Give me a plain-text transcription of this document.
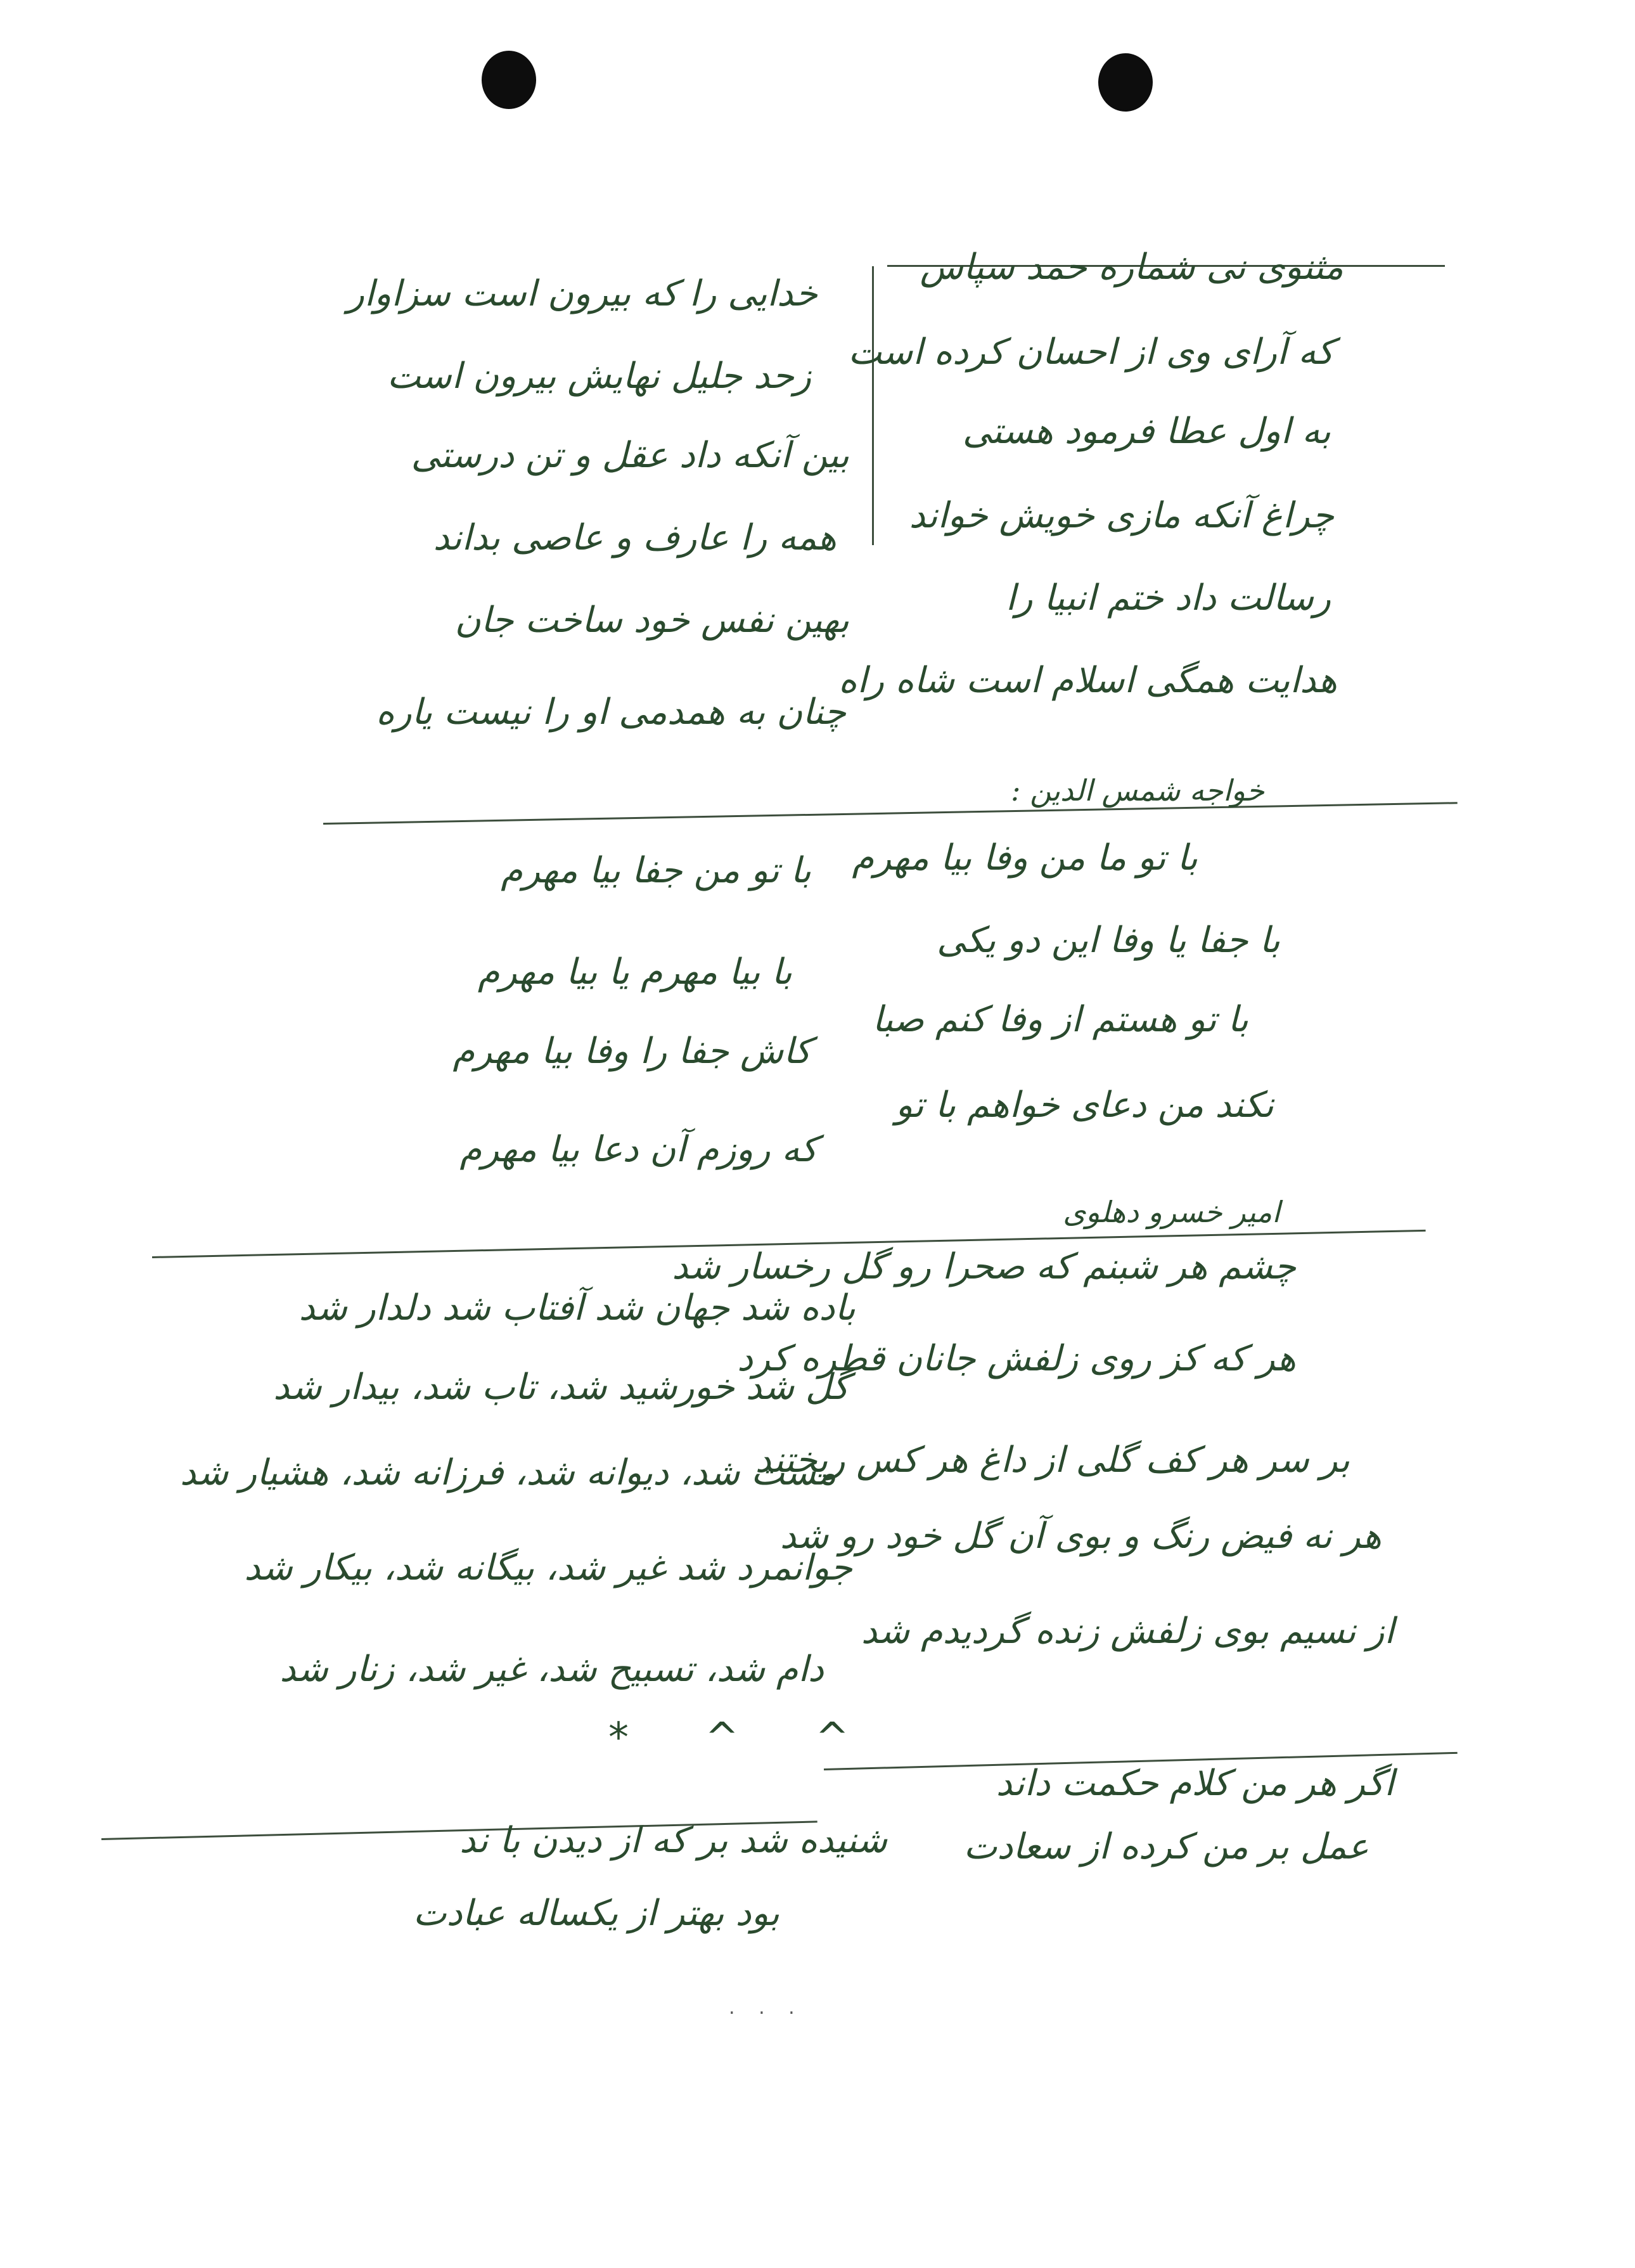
مثنوی نی شماره حمد سپاس

که آرای وی از احسان کرده است

به اول عطا فرمود هستی

چراغ آنکه مازی خویش خواند

رسالت داد ختم انبیا را

هدایت همگی اسلام است شاه راه

خدایی را که بیرون است سزاوار

زحد جلیل نهایش بیرون است

بین آنکه داد عقل و تن درستی

همه را عارف و عاصی بداند

بهین نفس خود ساخت جان

چنان به همدمی او را نیست یاره

خواجه شمس الدین :

با تو ما من وفا بیا مهرم

با جفا یا وفا این دو یکی

با تو هستم از وفا کنم صبا

نکند من دعای خواهم با تو

با تو من جفا بیا مهرم

با بیا مهرم یا بیا مهرم

کاش جفا را وفا بیا مهرم

که روزم آن دعا بیا مهرم

امیر خسرو دهلوی

چشم هر شبنم که صحرا رو گل رخسار شد

هر که کز روی زلفش جانان قطره کرد

بر سر هر کف گلی از داغ هر کس ریختند

هر نه فیض رنگ و بوی آن گل خود رو شد

از نسیم بوی زلفش زنده گردیدم شد

باده شد جهان شد آفتاب شد دلدار شد

گل شد خورشید شد، تاب شد، بیدار شد

مست شد، دیوانه شد، فرزانه شد، هشیار شد

جوانمرد شد غیر شد، بیگانه شد، بیکار شد

دام شد، تسبیح شد، غیر شد، زنار شد

* ^ ^

اگر هر من کلام حکمت داند

عمل بر من کرده از سعادت

شنیده شد بر که از دیدن با ند

بود بهتر از یکساله عبادت

. . .
